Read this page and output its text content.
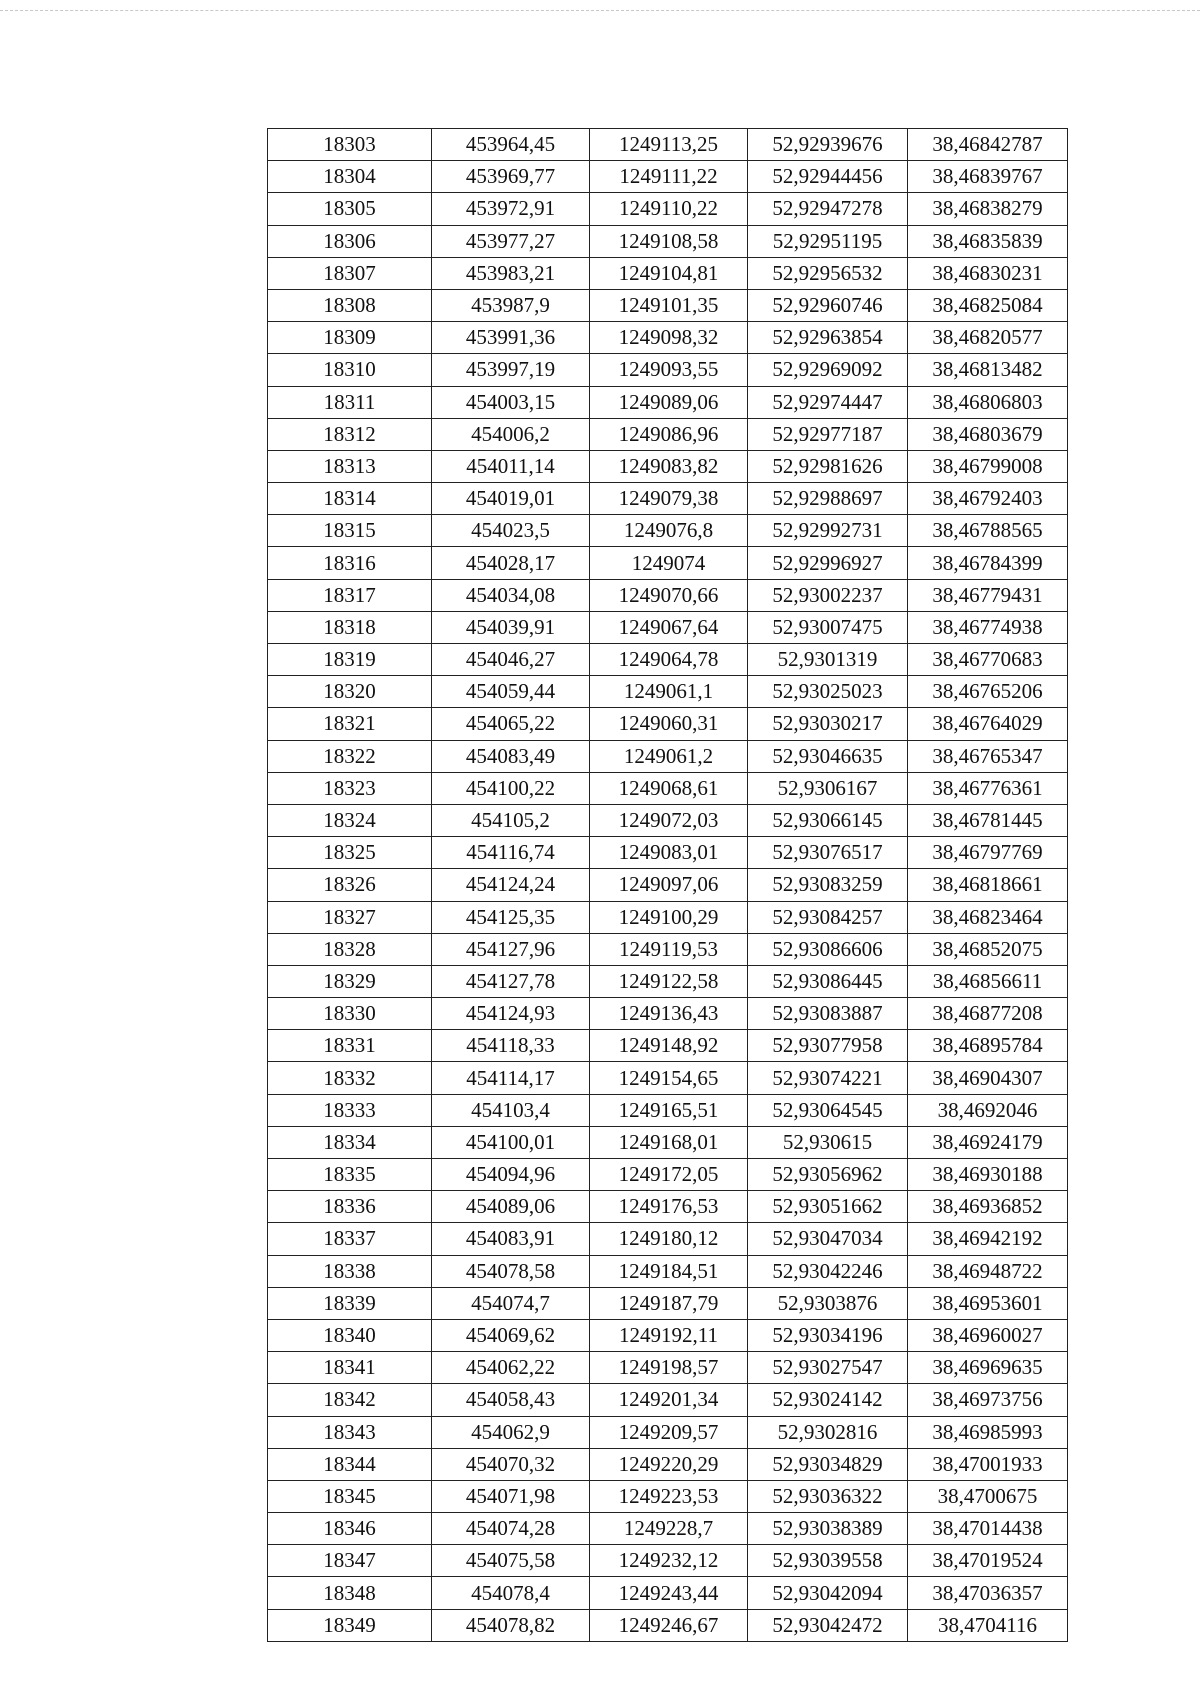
18303	453964,45	1249113,25	52,92939676	38,46842787
18304	453969,77	1249111,22	52,92944456	38,46839767
18305	453972,91	1249110,22	52,92947278	38,46838279
18306	453977,27	1249108,58	52,92951195	38,46835839
18307	453983,21	1249104,81	52,92956532	38,46830231
18308	453987,9	1249101,35	52,92960746	38,46825084
18309	453991,36	1249098,32	52,92963854	38,46820577
18310	453997,19	1249093,55	52,92969092	38,46813482
18311	454003,15	1249089,06	52,92974447	38,46806803
18312	454006,2	1249086,96	52,92977187	38,46803679
18313	454011,14	1249083,82	52,92981626	38,46799008
18314	454019,01	1249079,38	52,92988697	38,46792403
18315	454023,5	1249076,8	52,92992731	38,46788565
18316	454028,17	1249074	52,92996927	38,46784399
18317	454034,08	1249070,66	52,93002237	38,46779431
18318	454039,91	1249067,64	52,93007475	38,46774938
18319	454046,27	1249064,78	52,9301319	38,46770683
18320	454059,44	1249061,1	52,93025023	38,46765206
18321	454065,22	1249060,31	52,93030217	38,46764029
18322	454083,49	1249061,2	52,93046635	38,46765347
18323	454100,22	1249068,61	52,9306167	38,46776361
18324	454105,2	1249072,03	52,93066145	38,46781445
18325	454116,74	1249083,01	52,93076517	38,46797769
18326	454124,24	1249097,06	52,93083259	38,46818661
18327	454125,35	1249100,29	52,93084257	38,46823464
18328	454127,96	1249119,53	52,93086606	38,46852075
18329	454127,78	1249122,58	52,93086445	38,46856611
18330	454124,93	1249136,43	52,93083887	38,46877208
18331	454118,33	1249148,92	52,93077958	38,46895784
18332	454114,17	1249154,65	52,93074221	38,46904307
18333	454103,4	1249165,51	52,93064545	38,4692046
18334	454100,01	1249168,01	52,930615	38,46924179
18335	454094,96	1249172,05	52,93056962	38,46930188
18336	454089,06	1249176,53	52,93051662	38,46936852
18337	454083,91	1249180,12	52,93047034	38,46942192
18338	454078,58	1249184,51	52,93042246	38,46948722
18339	454074,7	1249187,79	52,9303876	38,46953601
18340	454069,62	1249192,11	52,93034196	38,46960027
18341	454062,22	1249198,57	52,93027547	38,46969635
18342	454058,43	1249201,34	52,93024142	38,46973756
18343	454062,9	1249209,57	52,9302816	38,46985993
18344	454070,32	1249220,29	52,93034829	38,47001933
18345	454071,98	1249223,53	52,93036322	38,4700675
18346	454074,28	1249228,7	52,93038389	38,47014438
18347	454075,58	1249232,12	52,93039558	38,47019524
18348	454078,4	1249243,44	52,93042094	38,47036357
18349	454078,82	1249246,67	52,93042472	38,4704116
